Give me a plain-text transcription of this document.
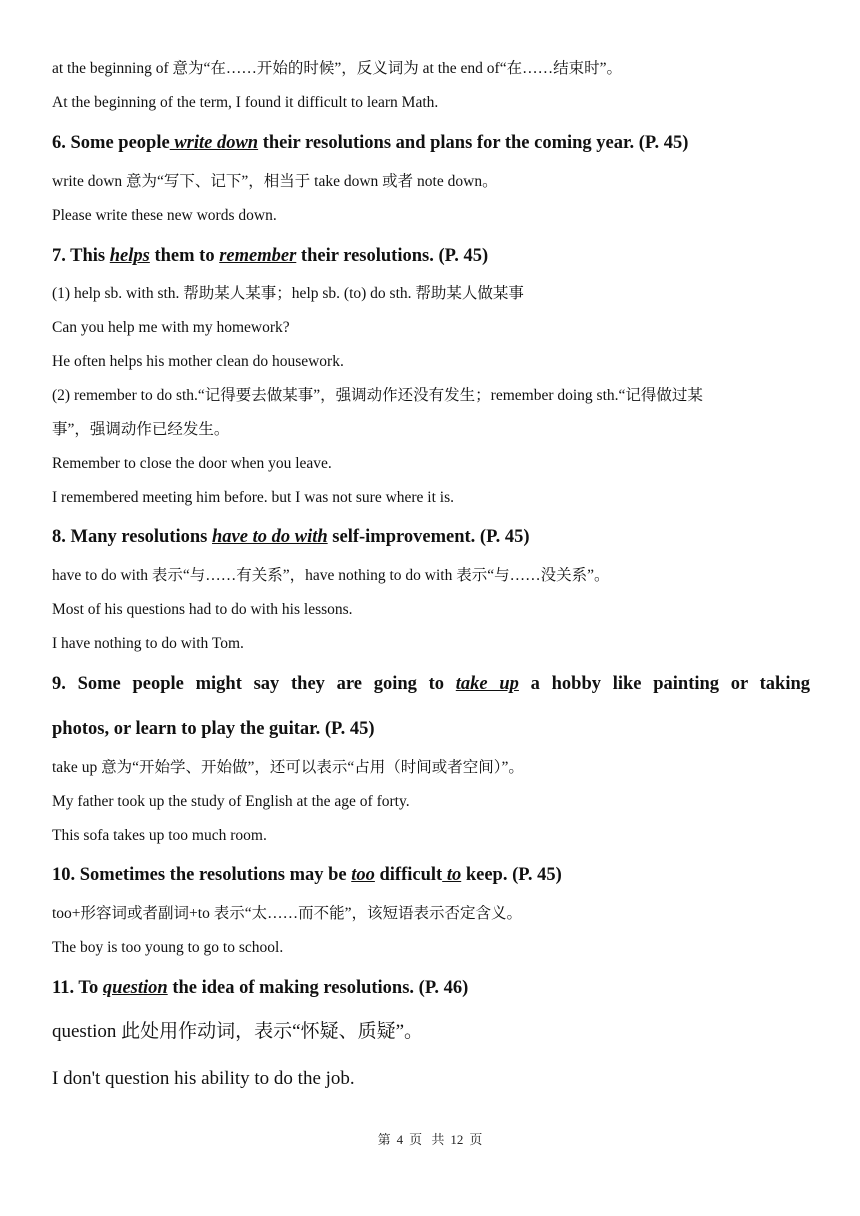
at the beginning of 意为“在……开始的时候”，反义词为 at the end of“在……结束时”。
At the beginning of the term, I found it difficult to learn Math.
6. Some people write down their resolutions and plans for the coming year. (P. 45)
write down 意为“写下、记下”，相当于 take down 或者 note down。
Please write these new words down.
7. This helps them to remember their resolutions. (P. 45)
(1) help sb. with sth. 帮助某人某事；help sb. (to) do sth. 帮助某人做某事
Can you help me with my homework?
He often helps his mother clean do housework.
(2) remember to do sth.“记得要去做某事”，强调动作还没有发生；remember doing sth.“记得做过某
事”，强调动作已经发生。
Remember to close the door when you leave.
I remembered meeting him before. but I was not sure where it is.
8. Many resolutions have to do with self-improvement. (P. 45)
have to do with 表示“与……有关系”，have nothing to do with 表示“与……没关系”。
Most of his questions had to do with his lessons.
I have nothing to do with Tom.
9. Some people might say they are going to take up a hobby like painting or taking
photos, or learn to play the guitar. (P. 45)
take up 意为“开始学、开始做”，还可以表示“占用（时间或者空间）”。
My father took up the study of English at the age of forty.
This sofa takes up too much room.
10. Sometimes the resolutions may be too difficult to keep. (P. 45)
too+形容词或者副词+to 表示“太……而不能”，该短语表示否定含义。
The boy is too young to go to school.
11. To question the idea of making resolutions. (P. 46)
question 此处用作动词，表示“怀疑、质疑”。
I don't question his ability to do the job.
第 4 页 共 12 页
